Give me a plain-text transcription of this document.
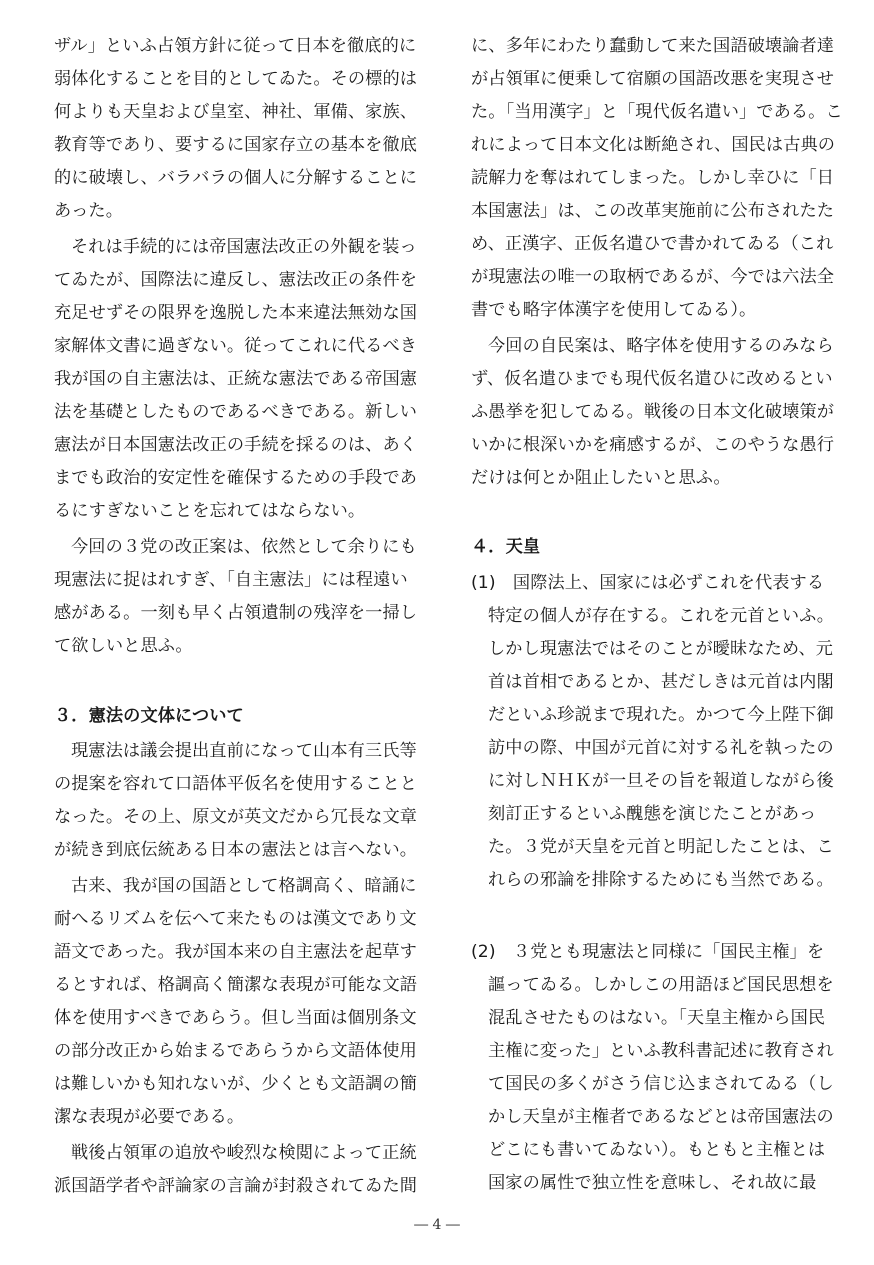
ザル」といふ占領方針に従って日本を徹底的に
弱体化することを目的としてゐた。その標的は
何よりも天皇および皇室、神社、軍備、家族、
教育等であり、要するに国家存立の基本を徹底
的に破壊し、バラバラの個人に分解することに
あった。
それは手続的には帝国憲法改正の外観を装っ
てゐたが、国際法に違反し、憲法改正の条件を
充足せずその限界を逸脱した本来違法無効な国
家解体文書に過ぎない。従ってこれに代るべき
我が国の自主憲法は、正統な憲法である帝国憲
法を基礎としたものであるべきである。新しい
憲法が日本国憲法改正の手続を採るのは、あく
までも政治的安定性を確保するための手段であ
るにすぎないことを忘れてはならない。
今回の３党の改正案は、依然として余りにも
現憲法に捉はれすぎ、「自主憲法」には程遠い
感がある。一刻も早く占領遺制の残滓を一掃し
て欲しいと思ふ。
３．憲法の文体について
現憲法は議会提出直前になって山本有三氏等
の提案を容れて口語体平仮名を使用することと
なった。その上、原文が英文だから冗長な文章
が続き到底伝統ある日本の憲法とは言へない。
古来、我が国の国語として格調高く、暗誦に
耐へるリズムを伝へて来たものは漢文であり文
語文であった。我が国本来の自主憲法を起草す
るとすれば、格調高く簡潔な表現が可能な文語
体を使用すべきであらう。但し当面は個別条文
の部分改正から始まるであらうから文語体使用
は難しいかも知れないが、少くとも文語調の簡
潔な表現が必要である。
戦後占領軍の追放や峻烈な検閲によって正統
派国語学者や評論家の言論が封殺されてゐた間
に、多年にわたり蠢動して来た国語破壊論者達
が占領軍に便乗して宿願の国語改悪を実現させ
た。「当用漢字」と「現代仮名遣い」である。こ
れによって日本文化は断絶され、国民は古典の
読解力を奪はれてしまった。しかし幸ひに「日
本国憲法」は、この改革実施前に公布されたた
め、正漢字、正仮名遣ひで書かれてゐる（これ
が現憲法の唯一の取柄であるが、今では六法全
書でも略字体漢字を使用してゐる）。
今回の自民案は、略字体を使用するのみなら
ず、仮名遣ひまでも現代仮名遣ひに改めるとい
ふ愚挙を犯してゐる。戦後の日本文化破壊策が
いかに根深いかを痛感するが、このやうな愚行
だけは何とか阻止したいと思ふ。
４．天皇
(1)　国際法上、国家には必ずこれを代表する
特定の個人が存在する。これを元首といふ。
しかし現憲法ではそのことが曖昧なため、元
首は首相であるとか、甚だしきは元首は内閣
だといふ珍説まで現れた。かつて今上陛下御
訪中の際、中国が元首に対する礼を執ったの
に対しＮＨＫが一旦その旨を報道しながら後
刻訂正するといふ醜態を演じたことがあっ
た。３党が天皇を元首と明記したことは、こ
れらの邪論を排除するためにも当然である。
(2)　３党とも現憲法と同様に「国民主権」を
謳ってゐる。しかしこの用語ほど国民思想を
混乱させたものはない。「天皇主権から国民
主権に変った」といふ教科書記述に教育され
て国民の多くがさう信じ込まされてゐる（し
かし天皇が主権者であるなどとは帝国憲法の
どこにも書いてゐない）。もともと主権とは
国家の属性で独立性を意味し、それ故に最
― 4 ―
